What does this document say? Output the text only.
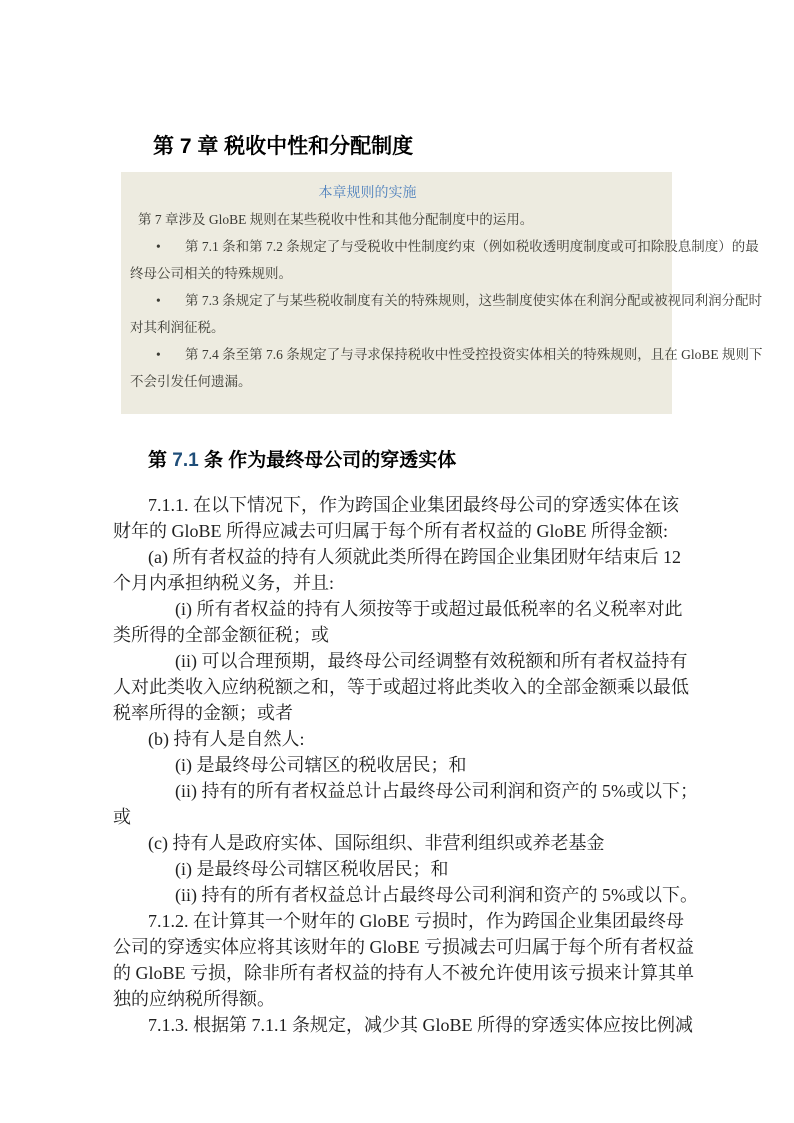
第 7 章 税收中性和分配制度
本章规则的实施
第 7 章涉及 GloBE 规则在某些税收中性和其他分配制度中的运用。
• 第 7.1 条和第 7.2 条规定了与受税收中性制度约束（例如税收透明度制度或可扣除股息制度）的最
终母公司相关的特殊规则。
• 第 7.3 条规定了与某些税收制度有关的特殊规则，这些制度使实体在利润分配或被视同利润分配时
对其利润征税。
• 第 7.4 条至第 7.6 条规定了与寻求保持税收中性受控投资实体相关的特殊规则，且在 GloBE 规则下
不会引发任何遗漏。
第 7.1 条 作为最终母公司的穿透实体
7.1.1. 在以下情况下，作为跨国企业集团最终母公司的穿透实体在该
财年的 GloBE 所得应减去可归属于每个所有者权益的 GloBE 所得金额:
(a) 所有者权益的持有人须就此类所得在跨国企业集团财年结束后 12
个月内承担纳税义务，并且:
(i) 所有者权益的持有人须按等于或超过最低税率的名义税率对此
类所得的全部金额征税；或
(ii) 可以合理预期，最终母公司经调整有效税额和所有者权益持有
人对此类收入应纳税额之和，等于或超过将此类收入的全部金额乘以最低
税率所得的金额；或者
(b) 持有人是自然人:
(i) 是最终母公司辖区的税收居民；和
(ii) 持有的所有者权益总计占最终母公司利润和资产的 5%或以下；
或
(c) 持有人是政府实体、国际组织、非营利组织或养老基金
(i) 是最终母公司辖区税收居民；和
(ii) 持有的所有者权益总计占最终母公司利润和资产的 5%或以下。
7.1.2. 在计算其一个财年的 GloBE 亏损时，作为跨国企业集团最终母
公司的穿透实体应将其该财年的 GloBE 亏损减去可归属于每个所有者权益
的 GloBE 亏损，除非所有者权益的持有人不被允许使用该亏损来计算其单
独的应纳税所得额。
7.1.3. 根据第 7.1.1 条规定，减少其 GloBE 所得的穿透实体应按比例减
